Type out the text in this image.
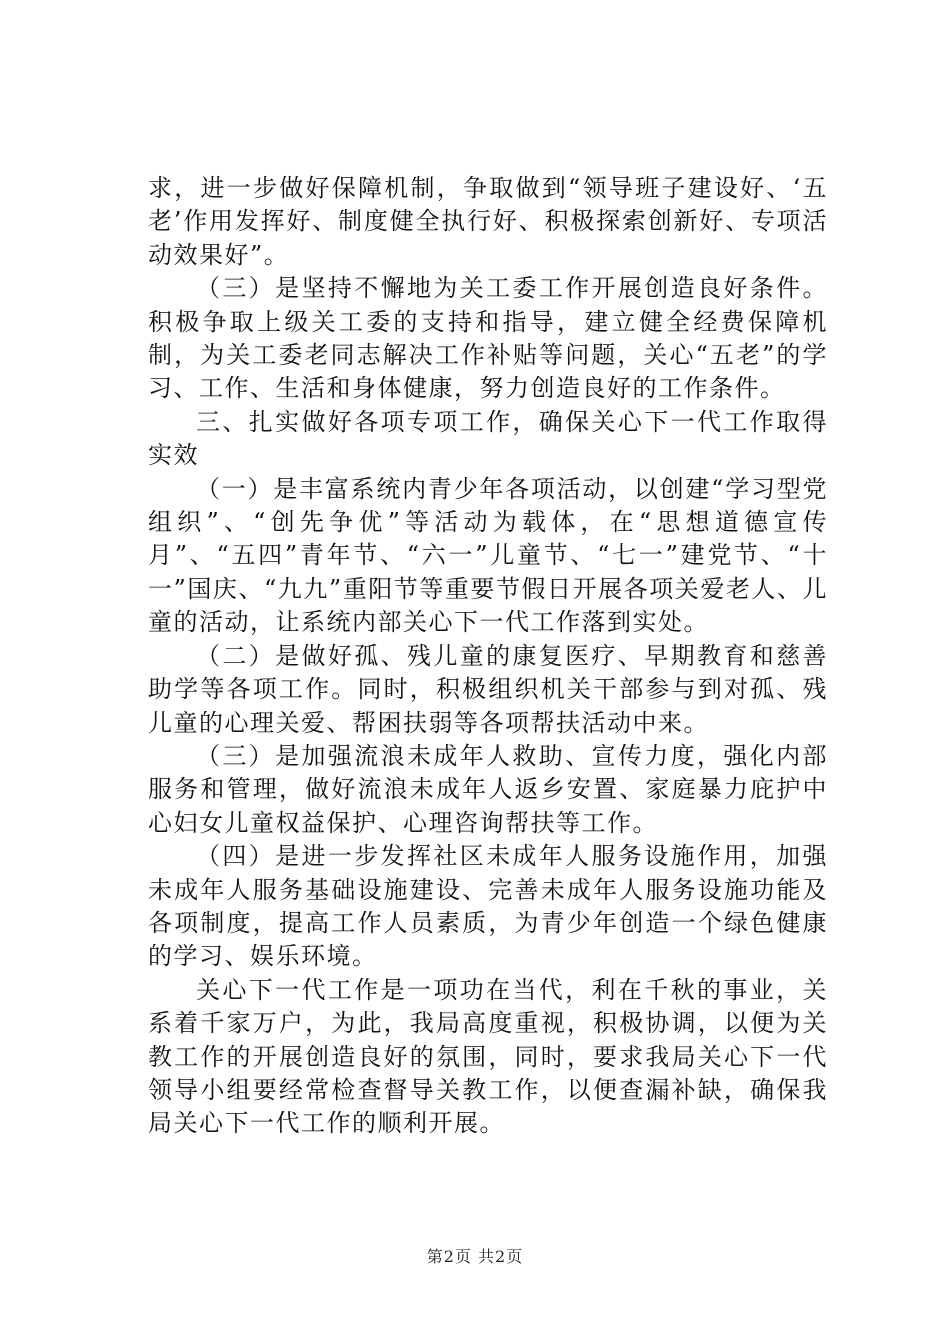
求，进一步做好保障机制，争取做到“领导班子建设好、‘五老’作用发挥好、制度健全执行好、积极探索创新好、专项活动效果好”。

（三）是坚持不懈地为关工委工作开展创造良好条件。积极争取上级关工委的支持和指导，建立健全经费保障机制，为关工委老同志解决工作补贴等问题，关心“五老”的学习、工作、生活和身体健康，努力创造良好的工作条件。

三、扎实做好各项专项工作，确保关心下一代工作取得实效

（一）是丰富系统内青少年各项活动，以创建“学习型党组织”、“创先争优”等活动为载体，在“思想道德宣传月”、“五四”青年节、“六一”儿童节、“七一”建党节、“十一”国庆、“九九”重阳节等重要节假日开展各项关爱老人、儿童的活动，让系统内部关心下一代工作落到实处。

（二）是做好孤、残儿童的康复医疗、早期教育和慈善助学等各项工作。同时，积极组织机关干部参与到对孤、残儿童的心理关爱、帮困扶弱等各项帮扶活动中来。

（三）是加强流浪未成年人救助、宣传力度，强化内部服务和管理，做好流浪未成年人返乡安置、家庭暴力庇护中心妇女儿童权益保护、心理咨询帮扶等工作。

（四）是进一步发挥社区未成年人服务设施作用，加强未成年人服务基础设施建设、完善未成年人服务设施功能及各项制度，提高工作人员素质，为青少年创造一个绿色健康的学习、娱乐环境。

关心下一代工作是一项功在当代，利在千秋的事业，关系着千家万户，为此，我局高度重视，积极协调，以便为关教工作的开展创造良好的氛围，同时，要求我局关心下一代领导小组要经常检查督导关教工作，以便查漏补缺，确保我局关心下一代工作的顺利开展。

第2页 共2页
